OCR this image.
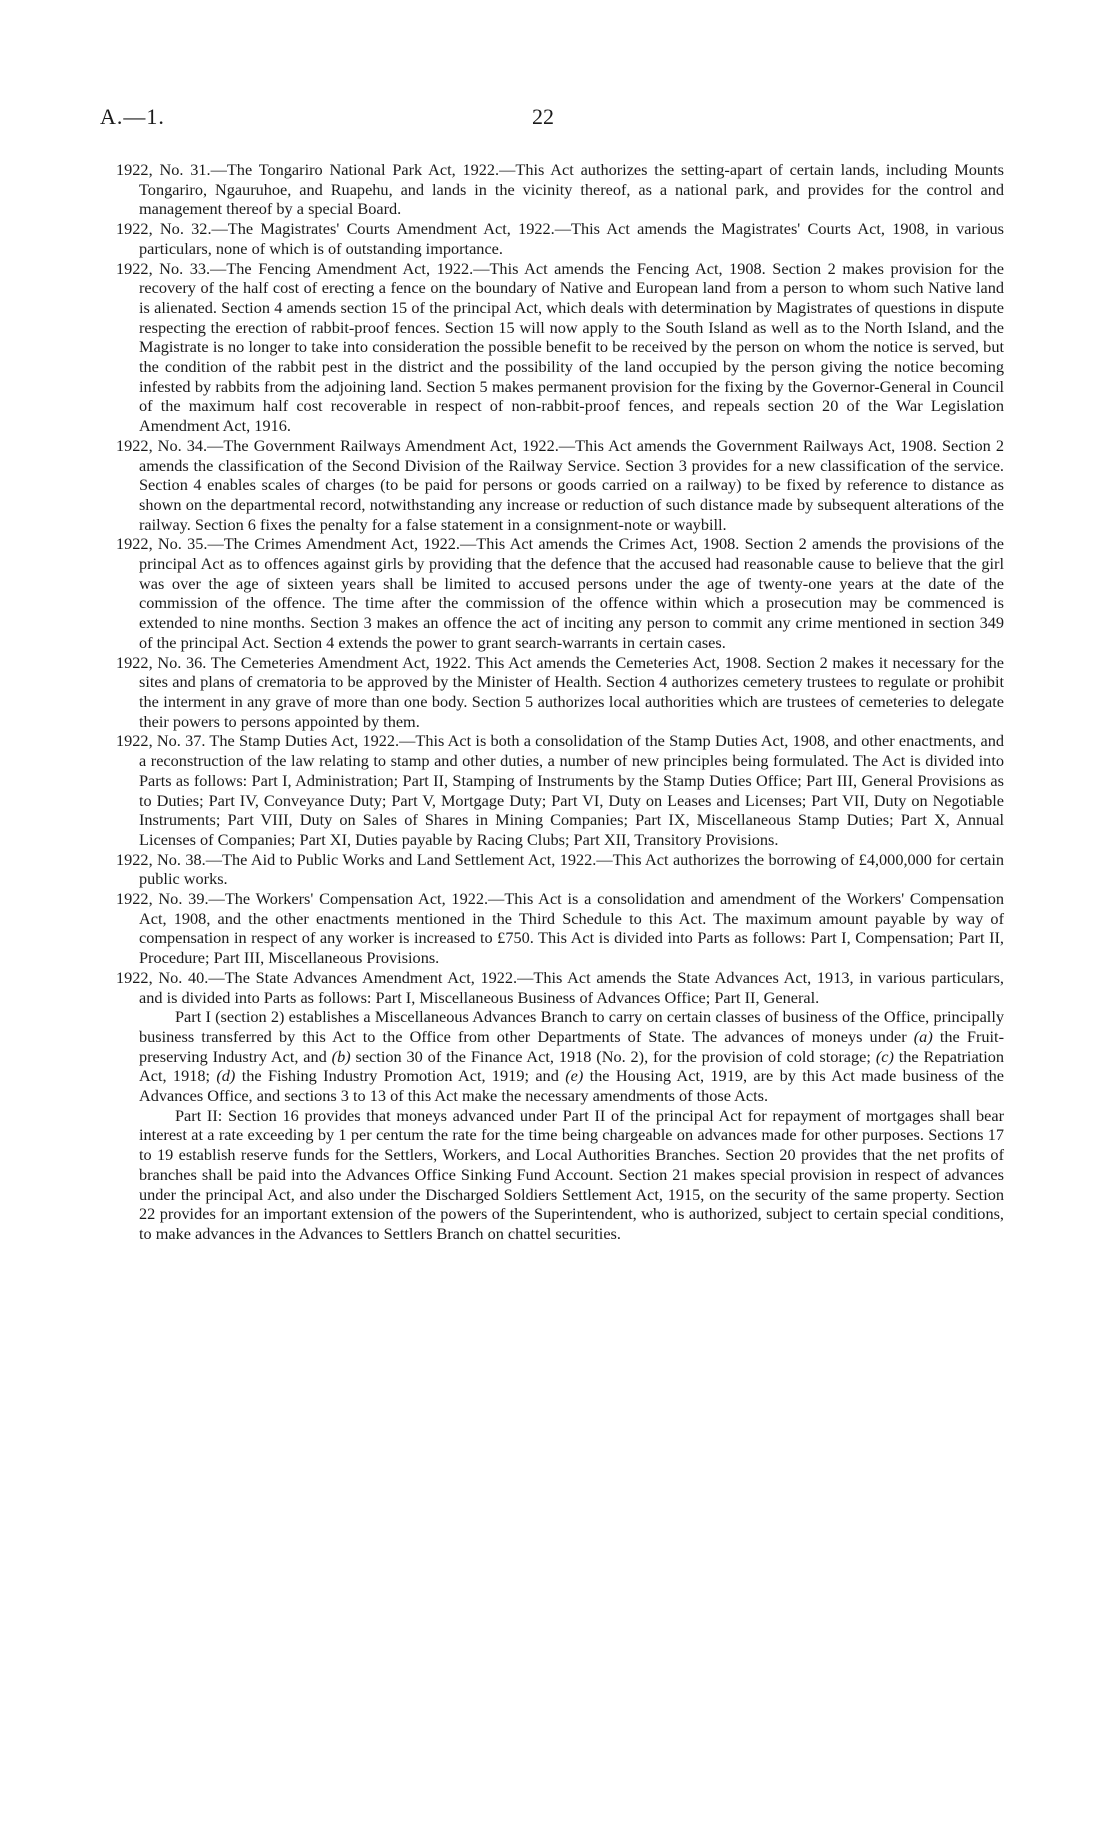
A.—1.	22

1922, No. 31.—The Tongariro National Park Act, 1922.—This Act authorizes the setting-apart of certain lands, including Mounts Tongariro, Ngauruhoe, and Ruapehu, and lands in the vicinity thereof, as a national park, and provides for the control and management thereof by a special Board.

1922, No. 32.—The Magistrates' Courts Amendment Act, 1922.—This Act amends the Magistrates' Courts Act, 1908, in various particulars, none of which is of outstanding importance.

1922, No. 33.—The Fencing Amendment Act, 1922.—This Act amends the Fencing Act, 1908. Section 2 makes provision for the recovery of the half cost of erecting a fence on the boundary of Native and European land from a person to whom such Native land is alienated. Section 4 amends section 15 of the principal Act, which deals with determination by Magistrates of questions in dispute respecting the erection of rabbit-proof fences. Section 15 will now apply to the South Island as well as to the North Island, and the Magistrate is no longer to take into consideration the possible benefit to be received by the person on whom the notice is served, but the condition of the rabbit pest in the district and the possibility of the land occupied by the person giving the notice becoming infested by rabbits from the adjoining land. Section 5 makes permanent provision for the fixing by the Governor-General in Council of the maximum half cost recoverable in respect of non-rabbit-proof fences, and repeals section 20 of the War Legislation Amendment Act, 1916.

1922, No. 34.—The Government Railways Amendment Act, 1922.—This Act amends the Government Railways Act, 1908. Section 2 amends the classification of the Second Division of the Railway Service. Section 3 provides for a new classification of the service. Section 4 enables scales of charges (to be paid for persons or goods carried on a railway) to be fixed by reference to distance as shown on the departmental record, notwithstanding any increase or reduction of such distance made by subsequent alterations of the railway. Section 6 fixes the penalty for a false statement in a consignment-note or waybill.

1922, No. 35.—The Crimes Amendment Act, 1922.—This Act amends the Crimes Act, 1908. Section 2 amends the provisions of the principal Act as to offences against girls by providing that the defence that the accused had reasonable cause to believe that the girl was over the age of sixteen years shall be limited to accused persons under the age of twenty-one years at the date of the commission of the offence. The time after the commission of the offence within which a prosecution may be commenced is extended to nine months. Section 3 makes an offence the act of inciting any person to commit any crime mentioned in section 349 of the principal Act. Section 4 extends the power to grant search-warrants in certain cases.

1922, No. 36. The Cemeteries Amendment Act, 1922. This Act amends the Cemeteries Act, 1908. Section 2 makes it necessary for the sites and plans of crematoria to be approved by the Minister of Health. Section 4 authorizes cemetery trustees to regulate or prohibit the interment in any grave of more than one body. Section 5 authorizes local authorities which are trustees of cemeteries to delegate their powers to persons appointed by them.

1922, No. 37. The Stamp Duties Act, 1922.—This Act is both a consolidation of the Stamp Duties Act, 1908, and other enactments, and a reconstruction of the law relating to stamp and other duties, a number of new principles being formulated. The Act is divided into Parts as follows: Part I, Administration; Part II, Stamping of Instruments by the Stamp Duties Office; Part III, General Provisions as to Duties; Part IV, Conveyance Duty; Part V, Mortgage Duty; Part VI, Duty on Leases and Licenses; Part VII, Duty on Negotiable Instruments; Part VIII, Duty on Sales of Shares in Mining Companies; Part IX, Miscellaneous Stamp Duties; Part X, Annual Licenses of Companies; Part XI, Duties payable by Racing Clubs; Part XII, Transitory Provisions.

1922, No. 38.—The Aid to Public Works and Land Settlement Act, 1922.—This Act authorizes the borrowing of £4,000,000 for certain public works.

1922, No. 39.—The Workers' Compensation Act, 1922.—This Act is a consolidation and amendment of the Workers' Compensation Act, 1908, and the other enactments mentioned in the Third Schedule to this Act. The maximum amount payable by way of compensation in respect of any worker is increased to £750. This Act is divided into Parts as follows: Part I, Compensation; Part II, Procedure; Part III, Miscellaneous Provisions.

1922, No. 40.—The State Advances Amendment Act, 1922.—This Act amends the State Advances Act, 1913, in various particulars, and is divided into Parts as follows: Part I, Miscellaneous Business of Advances Office; Part II, General.

Part I (section 2) establishes a Miscellaneous Advances Branch to carry on certain classes of business of the Office, principally business transferred by this Act to the Office from other Departments of State. The advances of moneys under (a) the Fruit-preserving Industry Act, and (b) section 30 of the Finance Act, 1918 (No. 2), for the provision of cold storage; (c) the Repatriation Act, 1918; (d) the Fishing Industry Promotion Act, 1919; and (e) the Housing Act, 1919, are by this Act made business of the Advances Office, and sections 3 to 13 of this Act make the necessary amendments of those Acts.

Part II: Section 16 provides that moneys advanced under Part II of the principal Act for repayment of mortgages shall bear interest at a rate exceeding by 1 per centum the rate for the time being chargeable on advances made for other purposes. Sections 17 to 19 establish reserve funds for the Settlers, Workers, and Local Authorities Branches. Section 20 provides that the net profits of branches shall be paid into the Advances Office Sinking Fund Account. Section 21 makes special provision in respect of advances under the principal Act, and also under the Discharged Soldiers Settlement Act, 1915, on the security of the same property. Section 22 provides for an important extension of the powers of the Superintendent, who is authorized, subject to certain special conditions, to make advances in the Advances to Settlers Branch on chattel securities.
